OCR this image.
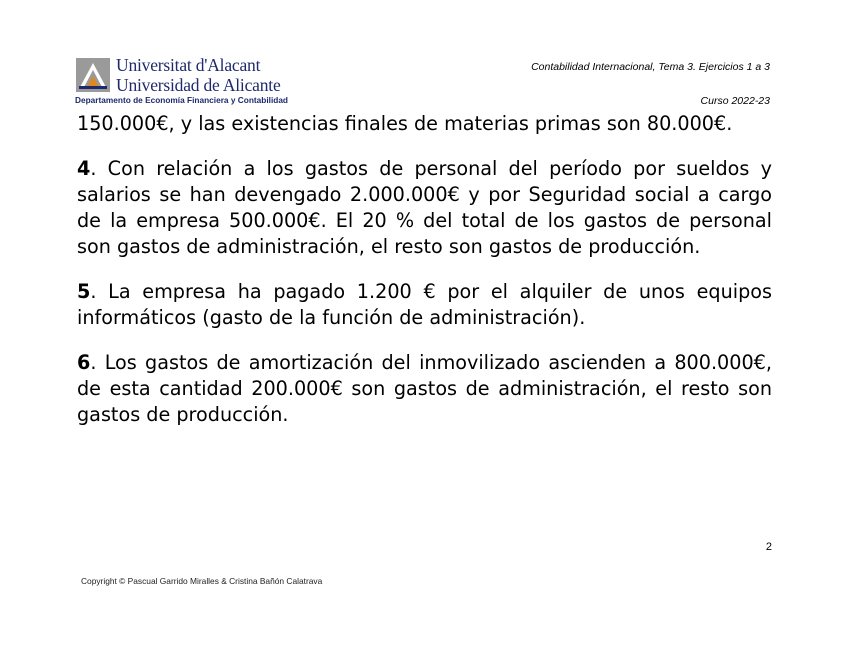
Universitat d'Alacant
Universidad de Alicante
Departamento de Economía Financiera y Contabilidad
Contabilidad Internacional, Tema 3. Ejercicios 1 a 3
Curso 2022-23

150.000€, y las existencias finales de materias primas son 80.000€.

4. Con relación a los gastos de personal del período por sueldos y salarios se han devengado 2.000.000€ y por Seguridad social a cargo de la empresa 500.000€. El 20 % del total de los gastos de personal son gastos de administración, el resto son gastos de producción.

5. La empresa ha pagado 1.200 € por el alquiler de unos equipos informáticos (gasto de la función de administración).

6. Los gastos de amortización del inmovilizado ascienden a 800.000€, de esta cantidad 200.000€ son gastos de administración, el resto son gastos de producción.

2
Copyright © Pascual Garrido Miralles & Cristina Bañón Calatrava
